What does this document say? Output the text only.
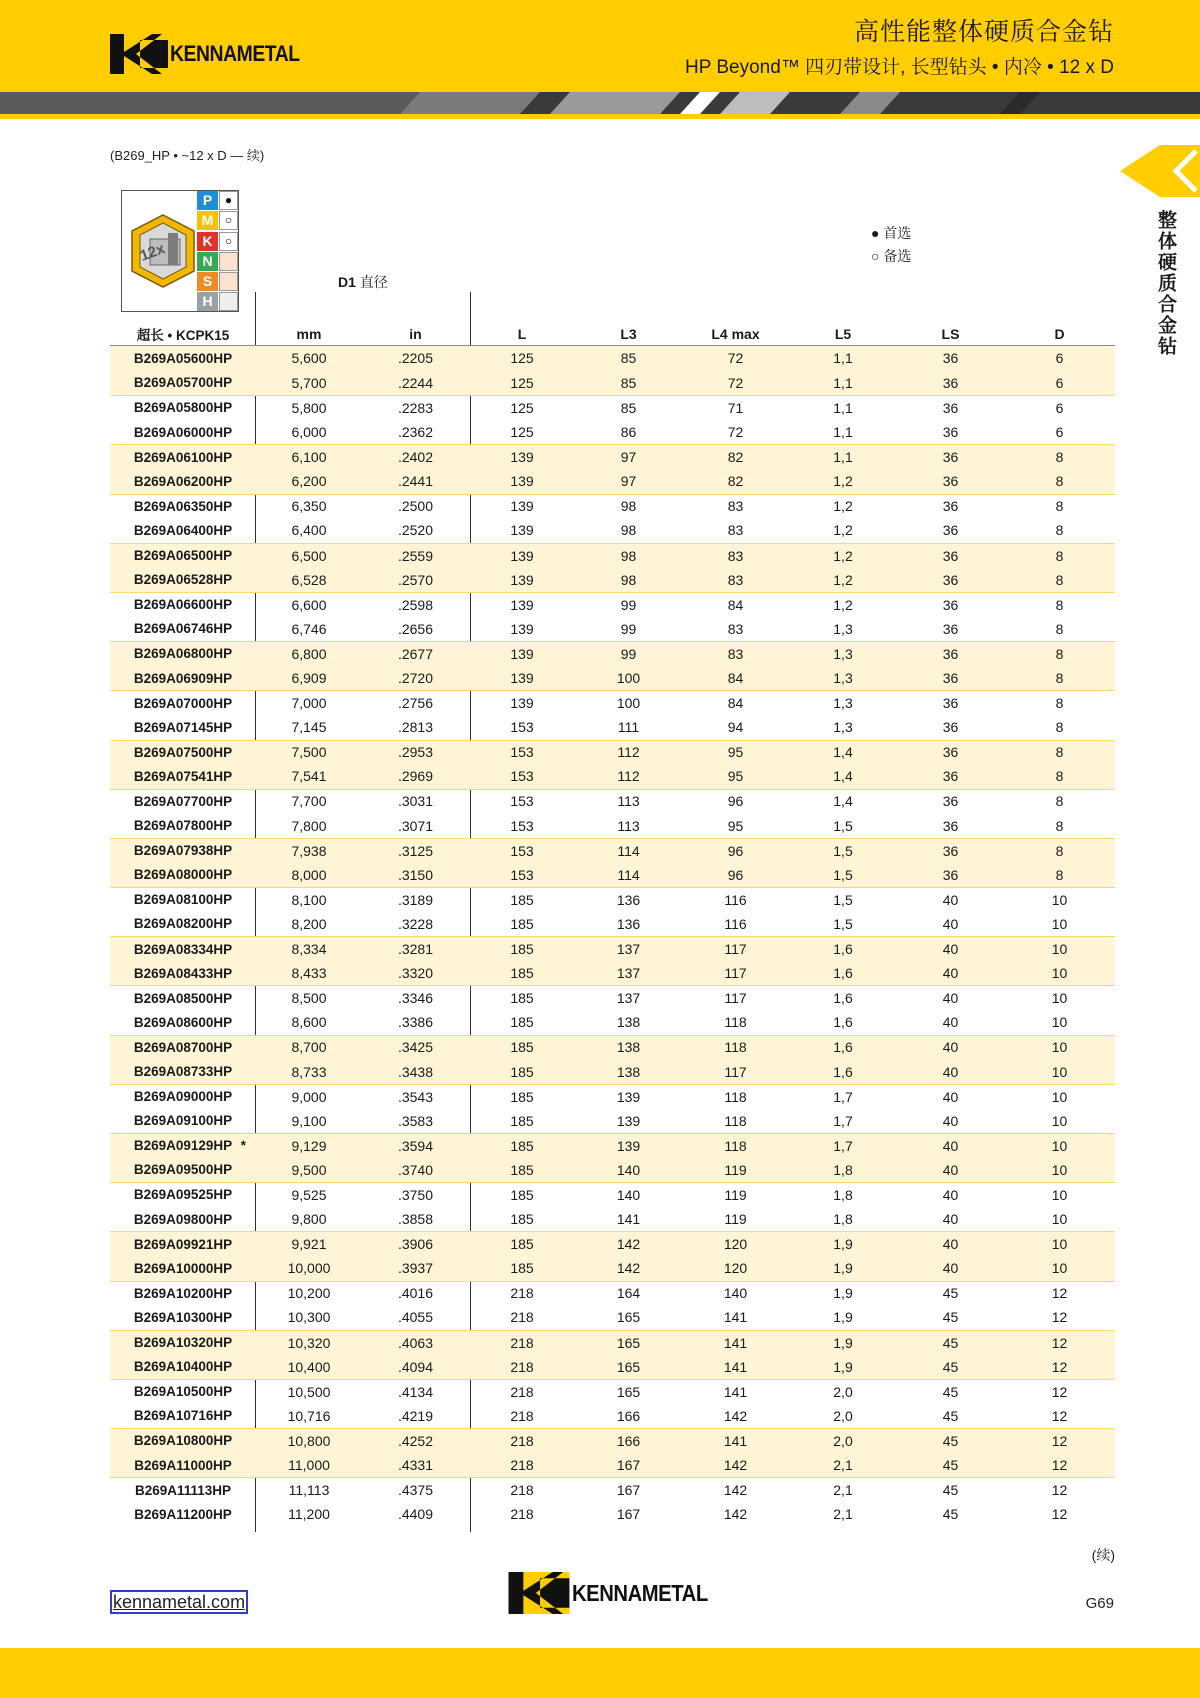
KENNAMETAL
高性能整体硬质合金钻
HP Beyond™ 四刃带设计, 长型钻头 • 内冷 • 12 x D
整体硬质合金钻
(B269_HP • ~12 x D — 续)
12x
P	●
M ○
K	○
N
S
H
● 首选
○ 备选
D1 直径
超长 • KCPK15	mm	in	L	L3	L4 max	L5	LS	D
B269A05600HP	5,600	.2205	125	85	72	1,1	36	6
B269A05700HP	5,700	.2244	125	85	72	1,1	36	6
B269A05800HP	5,800	.2283	125	85	71	1,1	36	6
B269A06000HP	6,000	.2362	125	86	72	1,1	36	6
B269A06100HP	6,100	.2402	139	97	82	1,1	36	8
B269A06200HP	6,200	.2441	139	97	82	1,2	36	8
B269A06350HP	6,350	.2500	139	98	83	1,2	36	8
B269A06400HP	6,400	.2520	139	98	83	1,2	36	8
B269A06500HP	6,500	.2559	139	98	83	1,2	36	8
B269A06528HP	6,528	.2570	139	98	83	1,2	36	8
B269A06600HP	6,600	.2598	139	99	84	1,2	36	8
B269A06746HP	6,746	.2656	139	99	83	1,3	36	8
B269A06800HP	6,800	.2677	139	99	83	1,3	36	8
B269A06909HP	6,909	.2720	139	100	84	1,3	36	8
B269A07000HP	7,000	.2756	139	100	84	1,3	36	8
B269A07145HP	7,145	.2813	153	111	94	1,3	36	8
B269A07500HP	7,500	.2953	153	112	95	1,4	36	8
B269A07541HP	7,541	.2969	153	112	95	1,4	36	8
B269A07700HP	7,700	.3031	153	113	96	1,4	36	8
B269A07800HP	7,800	.3071	153	113	95	1,5	36	8
B269A07938HP	7,938	.3125	153	114	96	1,5	36	8
B269A08000HP	8,000	.3150	153	114	96	1,5	36	8
B269A08100HP	8,100	.3189	185	136	116	1,5	40	10
B269A08200HP	8,200	.3228	185	136	116	1,5	40	10
B269A08334HP	8,334	.3281	185	137	117	1,6	40	10
B269A08433HP	8,433	.3320	185	137	117	1,6	40	10
B269A08500HP	8,500	.3346	185	137	117	1,6	40	10
B269A08600HP	8,600	.3386	185	138	118	1,6	40	10
B269A08700HP	8,700	.3425	185	138	118	1,6	40	10
B269A08733HP	8,733	.3438	185	138	117	1,6	40	10
B269A09000HP	9,000	.3543	185	139	118	1,7	40	10
B269A09100HP	9,100	.3583	185	139	118	1,7	40	10
B269A09129HP *	9,129	.3594	185	139	118	1,7	40	10
B269A09500HP	9,500	.3740	185	140	119	1,8	40	10
B269A09525HP	9,525	.3750	185	140	119	1,8	40	10
B269A09800HP	9,800	.3858	185	141	119	1,8	40	10
B269A09921HP	9,921	.3906	185	142	120	1,9	40	10
B269A10000HP	10,000	.3937	185	142	120	1,9	40	10
B269A10200HP	10,200	.4016	218	164	140	1,9	45	12
B269A10300HP	10,300	.4055	218	165	141	1,9	45	12
B269A10320HP	10,320	.4063	218	165	141	1,9	45	12
B269A10400HP	10,400	.4094	218	165	141	1,9	45	12
B269A10500HP	10,500	.4134	218	165	141	2,0	45	12
B269A10716HP	10,716	.4219	218	166	142	2,0	45	12
B269A10800HP	10,800	.4252	218	166	141	2,0	45	12
B269A11000HP	11,000	.4331	218	167	142	2,1	45	12
B269A11113HP	11,113	.4375	218	167	142	2,1	45	12
B269A11200HP	11,200	.4409	218	167	142	2,1	45	12
(续)
kennametal.com	KENNAMETAL	G69
